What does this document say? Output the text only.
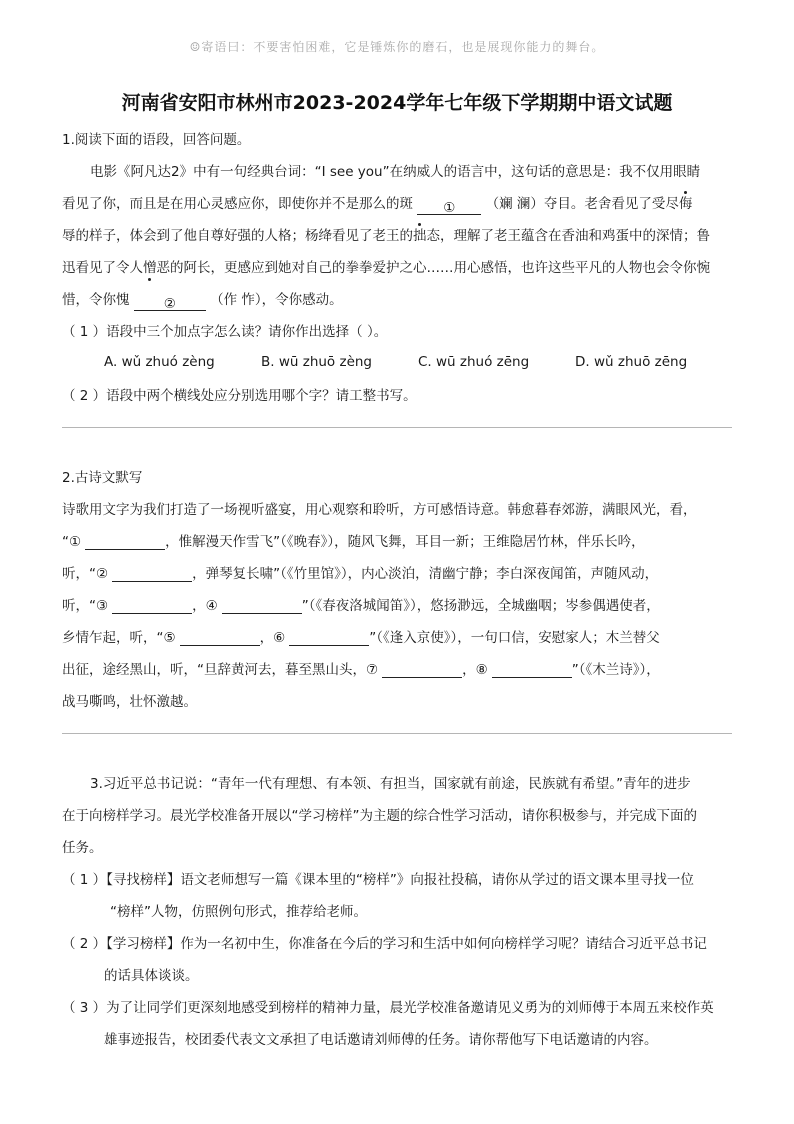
☺寄语曰：不要害怕困难，它是锤炼你的磨石，也是展现你能力的舞台。
河南省安阳市林州市2023-2024学年七年级下学期期中语文试题
1.阅读下面的语段，回答问题。
电影《阿凡达2》中有一句经典台词：“I see you”在纳威人的语言中，这句话的意思是：我不仅用眼睛
看见了你，而且是在用心灵感应你，即使你并不是那么的斑 ① （斓 澜）夺目。老舍看见了受尽侮
辱的样子，体会到了他自尊好强的人格；杨绛看见了老王的拙态，理解了老王蕴含在香油和鸡蛋中的深情；鲁
迅看见了令人憎恶的阿长，更感应到她对自己的拳拳爱护之心……用心感悟，也许这些平凡的人物也会令你惋
惜，令你愧	②	（作 怍），令你感动。
（ 1 ）语段中三个加点字怎么读？请你作出选择（ ）。
A. wǔ zhuó zèng	B. wū zhuō zèng	C. wū zhuó zēng	D. wǔ zhuō zēng
（ 2 ）语段中两个横线处应分别选用哪个字？请工整书写。
2.古诗文默写
诗歌用文字为我们打造了一场视听盛宴，用心观察和聆听，方可感悟诗意。韩愈暮春郊游，满眼风光，看，
“①	，惟解漫天作雪飞”（《晚春》），随风飞舞，耳目一新；王维隐居竹林，伴乐长吟，
听，“②	，弹琴复长啸”（《竹里馆》），内心淡泊，清幽宁静；李白深夜闻笛，声随风动，
听，“③	，④	”（《春夜洛城闻笛》），悠扬渺远，全城幽咽；岑参偶遇使者，
乡情乍起，听，“⑤	，⑥	”（《逢入京使》），一句口信，安慰家人；木兰替父
出征，途经黑山，听，“旦辞黄河去，暮至黑山头，⑦	，⑧	”（《木兰诗》），
战马嘶鸣，壮怀激越。
3.习近平总书记说：“青年一代有理想、有本领、有担当，国家就有前途，民族就有希望。”青年的进步
在于向榜样学习。晨光学校准备开展以“学习榜样”为主题的综合性学习活动，请你积极参与，并完成下面的
任务。
（ 1 ）【寻找榜样】语文老师想写一篇《课本里的“榜样”》向报社投稿，请你从学过的语文课本里寻找一位
“榜样”人物，仿照例句形式，推荐给老师。
（ 2 ）【学习榜样】作为一名初中生，你准备在今后的学习和生活中如何向榜样学习呢？请结合习近平总书记
的话具体谈谈。
（ 3 ）为了让同学们更深刻地感受到榜样的精神力量，晨光学校准备邀请见义勇为的刘师傅于本周五来校作英
雄事迹报告，校团委代表文文承担了电话邀请刘师傅的任务。请你帮他写下电话邀请的内容。
